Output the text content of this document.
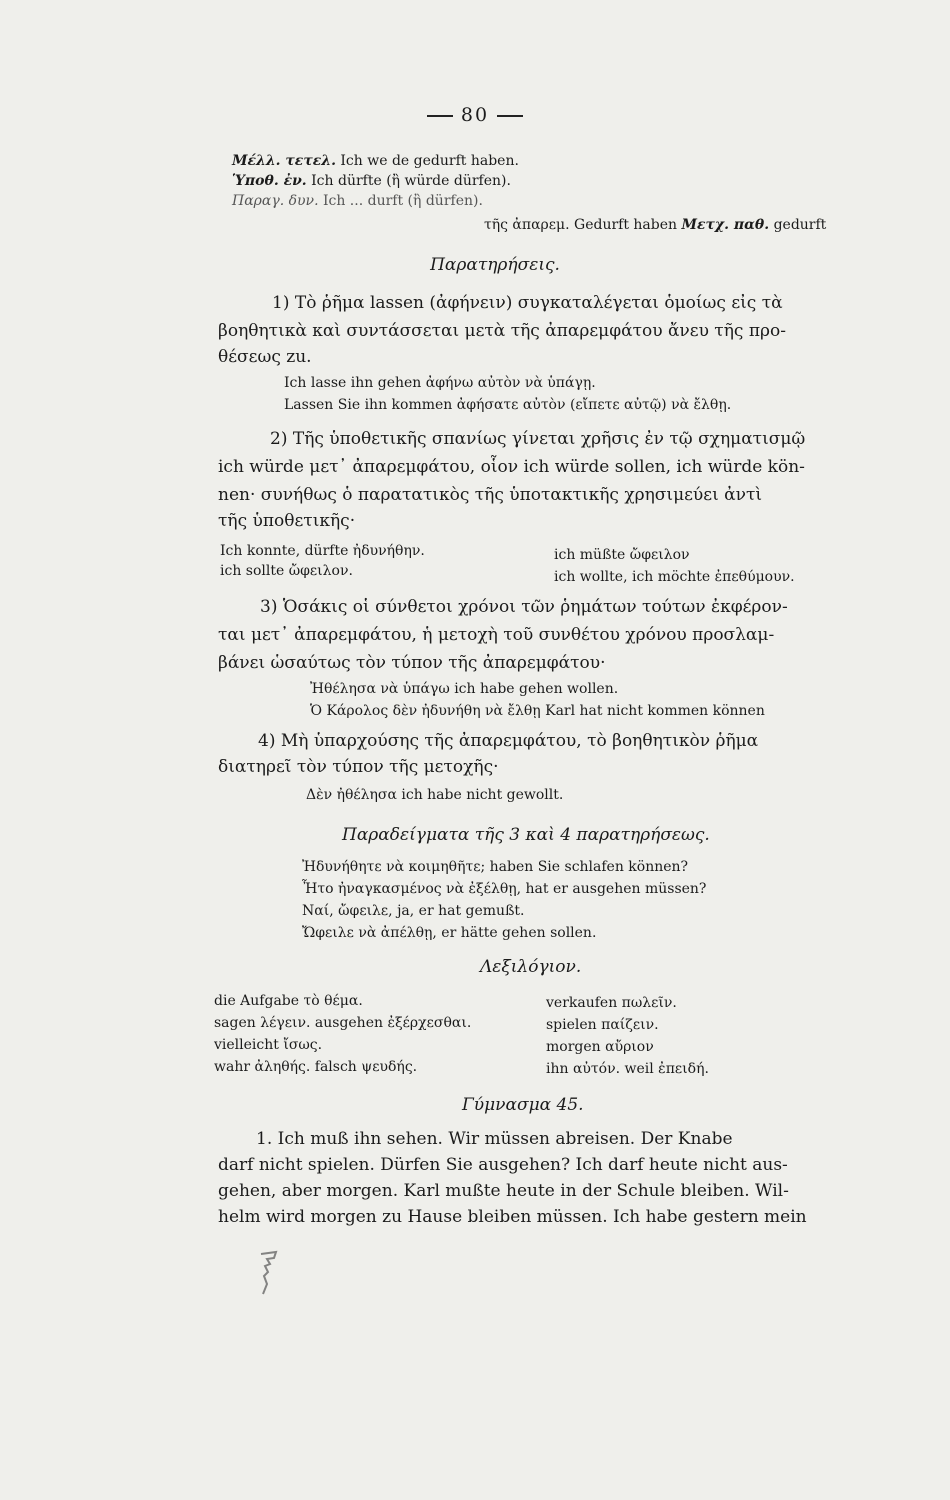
80
Μέλλ. τετελ. Ich we de gedurft haben.
Ὑποθ. ἐν. Ich dürfte (ἢ würde dürfen).
Παραγ. δυν. Ich ... durft (ἢ dürfen).
τῆς ἀπαρεμ. Gedurft haben Μετχ. παθ. gedurft
Παρατηρήσεις.
1) Τὸ ῥῆμα lassen (ἀφήνειν) συγκαταλέγεται ὁμοίως εἰς τὰ
βοηθητικὰ καὶ συντάσσεται μετὰ τῆς ἀπαρεμφάτου ἄνευ τῆς προ-
θέσεως zu.
Ich lasse ihn gehen ἀφήνω αὐτὸν νὰ ὑπάγῃ.
Lassen Sie ihn kommen ἀφήσατε αὐτὸν (εἴπετε αὐτῷ) νὰ ἔλθῃ.
2) Τῆς ὑποθετικῆς σπανίως γίνεται χρῆσις ἐν τῷ σχηματισμῷ
ich würde μετ᾽ ἀπαρεμφάτου, οἷον ich würde sollen, ich würde kön-
nen· συνήθως ὁ παρατατικὸς τῆς ὑποτακτικῆς χρησιμεύει ἀντὶ
τῆς ὑποθετικῆς·
Ich konnte, dürfte ἠδυνήθην.
ich sollte ὤφειλον.
ich müßte ὤφειλον
ich wollte, ich möchte ἐπεθύμουν.
3) Ὁσάκις οἱ σύνθετοι χρόνοι τῶν ῥημάτων τούτων ἐκφέρον-
ται μετ᾽ ἀπαρεμφάτου, ἡ μετοχὴ τοῦ συνθέτου χρόνου προσλαμ-
βάνει ὡσαύτως τὸν τύπον τῆς ἀπαρεμφάτου·
Ἠθέλησα νὰ ὑπάγω ich habe gehen wollen.
Ὁ Κάρολος δὲν ἠδυνήθη νὰ ἔλθῃ Karl hat nicht kommen können
4) Μὴ ὑπαρχούσης τῆς ἀπαρεμφάτου, τὸ βοηθητικὸν ῥῆμα
διατηρεῖ τὸν τύπον τῆς μετοχῆς·
Δὲν ἠθέλησα ich habe nicht gewollt.
Παραδείγματα τῆς 3 καὶ 4 παρατηρήσεως.
Ἠδυνήθητε νὰ κοιμηθῆτε; haben Sie schlafen können?
Ἦτο ἠναγκασμένος νὰ ἐξέλθῃ, hat er ausgehen müssen?
Ναί, ὤφειλε, ja, er hat gemußt.
Ὤφειλε νὰ ἀπέλθῃ, er hätte gehen sollen.
Λεξιλόγιον.
die Aufgabe τὸ θέμα.
sagen λέγειν. ausgehen ἐξέρχεσθαι.
vielleicht ἴσως.
wahr ἀληθής. falsch ψευδής.
verkaufen πωλεῖν.
spielen παίζειν.
morgen αὔριον
ihn αὐτόν. weil ἐπειδή.
Γύμνασμα 45.
1. Ich muß ihn sehen. Wir müssen abreisen. Der Knabe
darf nicht spielen. Dürfen Sie ausgehen? Ich darf heute nicht aus-
gehen, aber morgen. Karl mußte heute in der Schule bleiben. Wil-
helm wird morgen zu Hause bleiben müssen. Ich habe gestern mein
